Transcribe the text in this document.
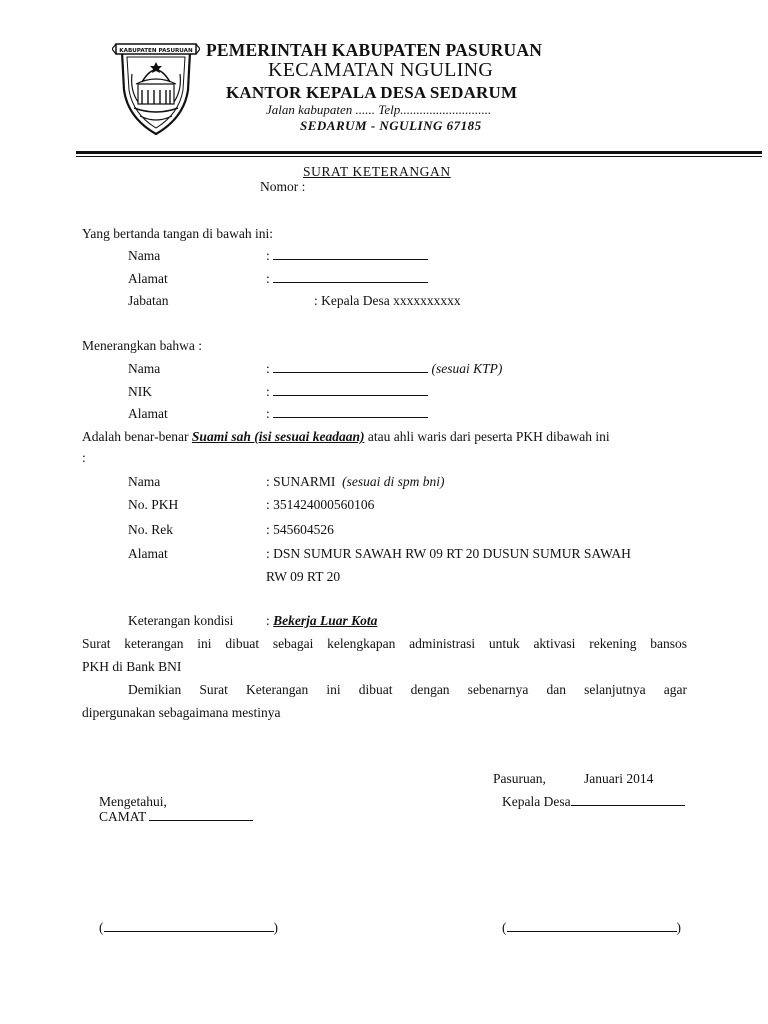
KABUPATEN PASURUAN PEMERINTAH KABUPATEN PASURUAN
KECAMATAN NGULING
KANTOR KEPALA DESA SEDARUM
Jalan kabupaten ...... Telp............................
SEDARUM - NGULING 67185
SURAT KETERANGAN
Nomor :
Yang bertanda tangan di bawah ini:
Nama	:
Alamat	:
Jabatan	: Kepala Desa xxxxxxxxxx
Menerangkan bahwa :
Nama	:	(sesuai KTP)
NIK	:
Alamat	:
Adalah benar-benar Suami sah (isi sesuai keadaan) atau ahli waris dari peserta PKH dibawah ini
:
Nama	: SUNARMI (sesuai di spm bni)
No. PKH	: 351424000560106
No. Rek	: 545604526
Alamat	: DSN SUMUR SAWAH RW 09 RT 20 DUSUN SUMUR SAWAH
RW 09 RT 20
Keterangan kondisi : Bekerja Luar Kota
Surat keterangan ini dibuat sebagai kelengkapan administrasi untuk aktivasi rekening bansos
PKH di Bank BNI
Demikian Surat Keterangan ini dibuat dengan sebenarnya dan selanjutnya agar
dipergunakan sebagaimana mestinya
Pasuruan,	Januari 2014
Mengetahui,
CAMAT
Kepala Desa
(	)	(	)
